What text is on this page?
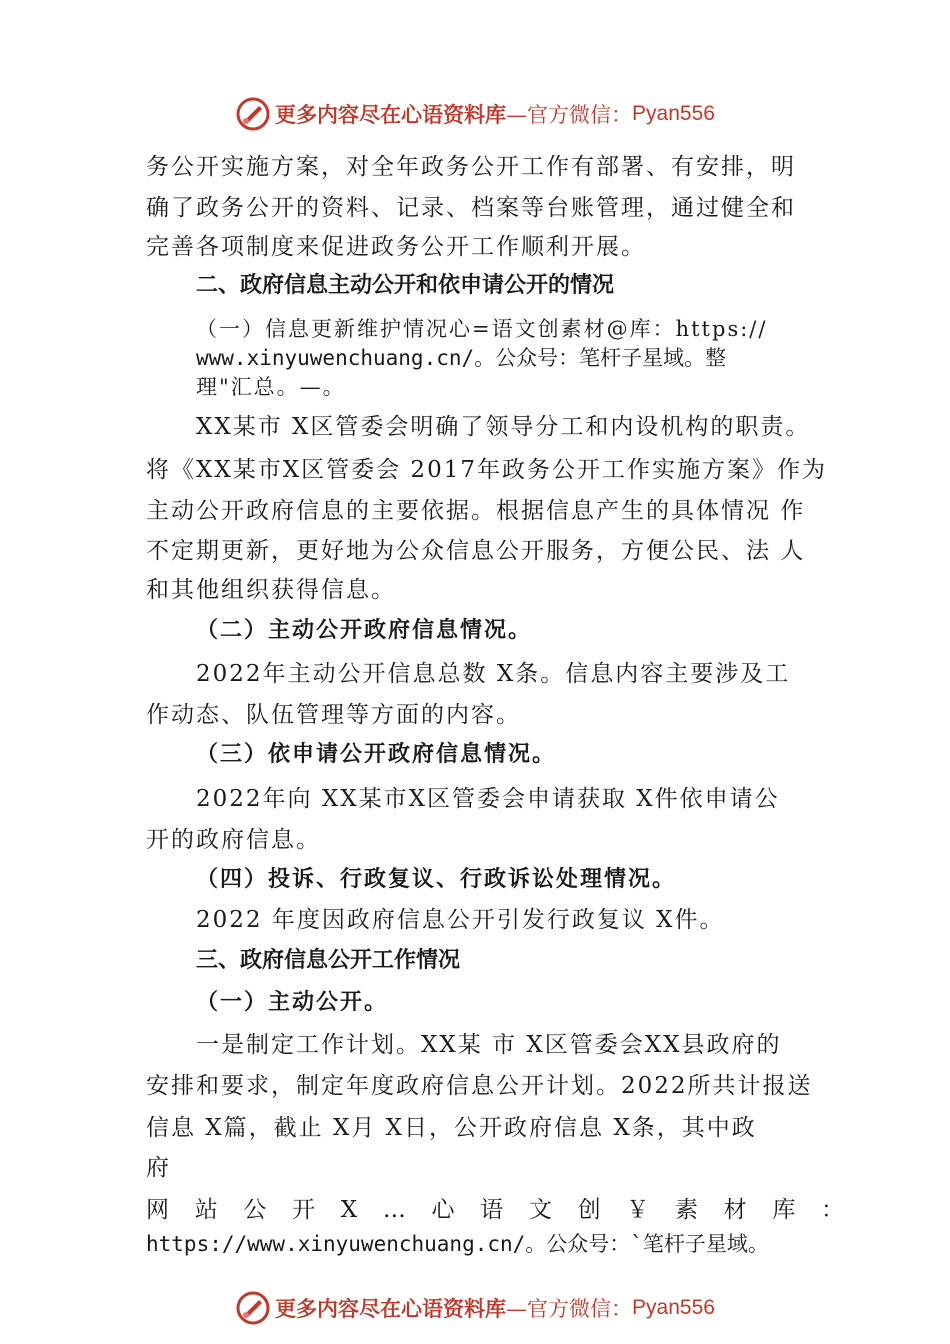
更多内容尽在心语资料库 —官方微信： Pyan556
务公开实施方案，对全年政务公开工作有部署、有安排，明
确了政务公开的资料、记录、档案等台账管理，通过健全和
完善各项制度来促进政务公开工作顺利开展。
二、政府信息主动公开和依申请公开的情况
（一）信息更新维护情况心=语文创素材@库：https://
www.xinyuwenchuang.cn/。公众号：笔杆子星域。整
理"汇总。—。
XX某市 X区管委会明确了领导分工和内设机构的职责。
将《XX某市X区管委会 2017年政务公开工作实施方案》作为
主动公开政府信息的主要依据。根据信息产生的具体情况 作
不定期更新，更好地为公众信息公开服务，方便公民、法 人
和其他组织获得信息。
（二）主动公开政府信息情况。
2022年主动公开信息总数 X条。信息内容主要涉及工
作动态、队伍管理等方面的内容。
（三）依申请公开政府信息情况。
2022年向 XX某市X区管委会申请获取 X件依申请公
开的政府信息。
（四）投诉、行政复议、行政诉讼处理情况。
2022 年度因政府信息公开引发行政复议 X件。
三、政府信息公开工作情况
（一）主动公开。
一是制定工作计划。XX某 市 X区管委会XX县政府的
安排和要求，制定年度政府信息公开计划。2022所共计报送
信息 X篇，截止 X月 X日，公开政府信息 X条，其中政
府
网 站 公 开 X … 心 语 文 创 ￥ 素 材 库 ：
https://www.xinyuwenchuang.cn/。公众号：`笔杆子星域。
更多内容尽在心语资料库 —官方微信： Pyan556
